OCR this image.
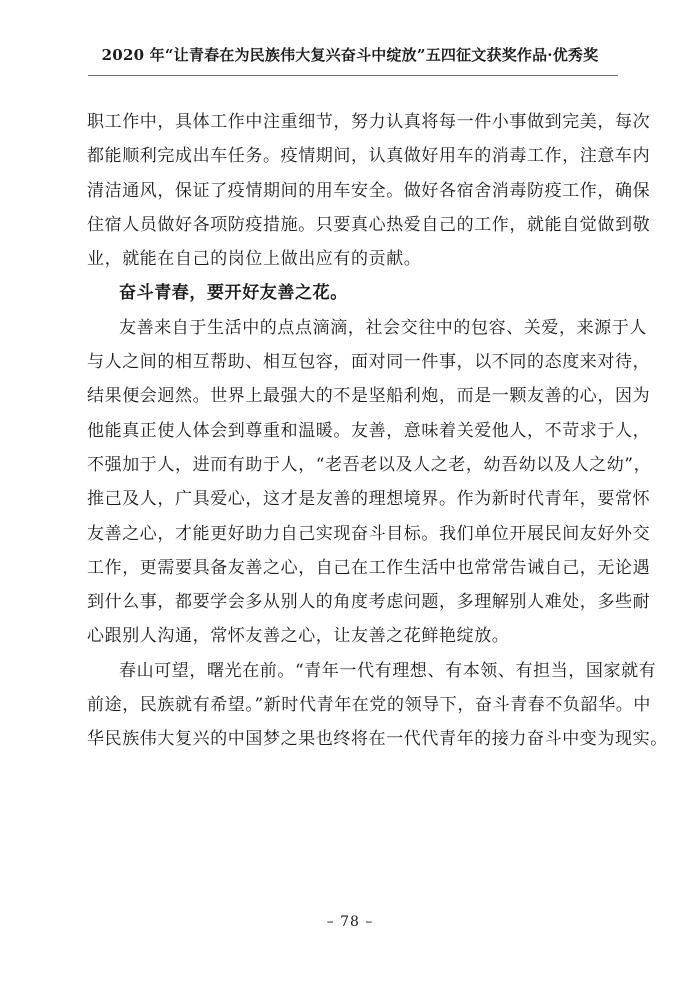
2020 年“让青春在为民族伟大复兴奋斗中绽放”五四征文获奖作品·优秀奖
职工作中，具体工作中注重细节，努力认真将每一件小事做到完美，每次
都能顺利完成出车任务。疫情期间，认真做好用车的消毒工作，注意车内
清洁通风，保证了疫情期间的用车安全。做好各宿舍消毒防疫工作，确保
住宿人员做好各项防疫措施。只要真心热爱自己的工作，就能自觉做到敬
业，就能在自己的岗位上做出应有的贡献。
奋斗青春，要开好友善之花。
友善来自于生活中的点点滴滴，社会交往中的包容、关爱，来源于人
与人之间的相互帮助、相互包容，面对同一件事，以不同的态度来对待，
结果便会迥然。世界上最强大的不是坚船利炮，而是一颗友善的心，因为
他能真正使人体会到尊重和温暖。友善，意味着关爱他人，不苛求于人，
不强加于人，进而有助于人，“老吾老以及人之老，幼吾幼以及人之幼”，
推己及人，广具爱心，这才是友善的理想境界。作为新时代青年，要常怀
友善之心，才能更好助力自己实现奋斗目标。我们单位开展民间友好外交
工作，更需要具备友善之心，自己在工作生活中也常常告诫自己，无论遇
到什么事，都要学会多从别人的角度考虑问题，多理解别人难处，多些耐
心跟别人沟通，常怀友善之心，让友善之花鲜艳绽放。
春山可望，曙光在前。“青年一代有理想、有本领、有担当，国家就有
前途，民族就有希望。”新时代青年在党的领导下，奋斗青春不负韶华。中
华民族伟大复兴的中国梦之果也终将在一代代青年的接力奋斗中变为现实。
– 78 –
